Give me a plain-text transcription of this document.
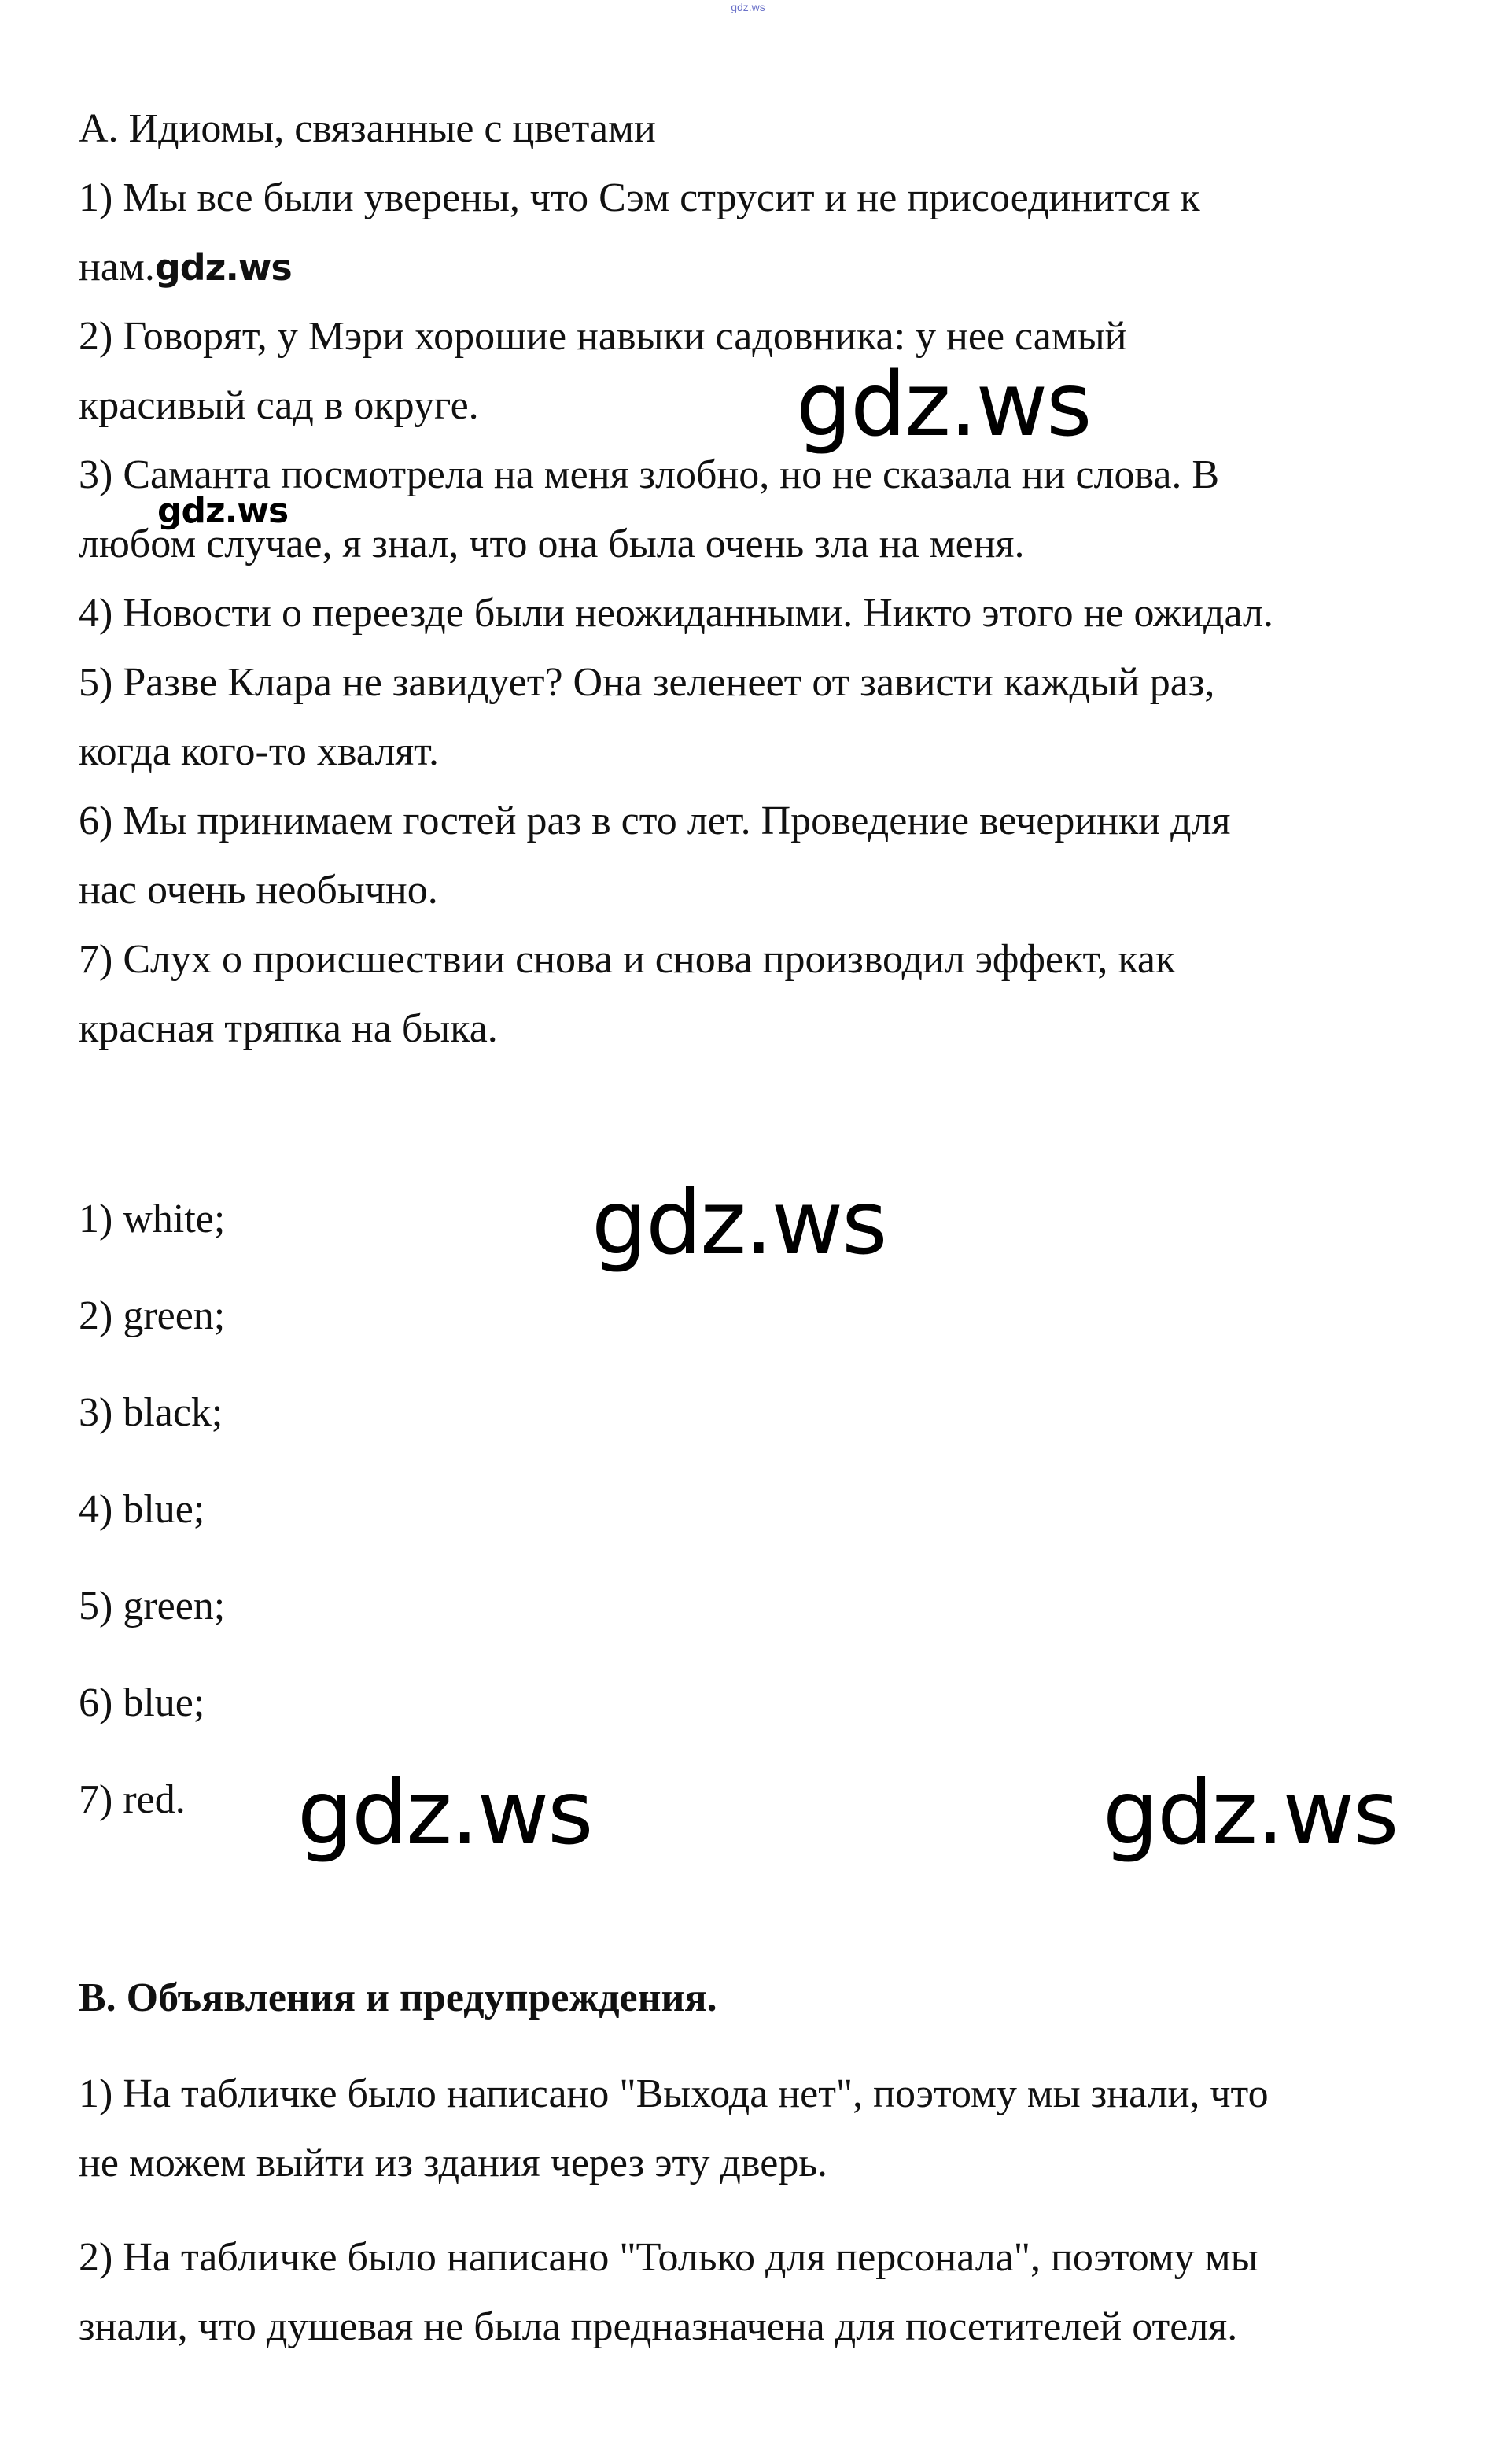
gdz.ws
А. Идиомы, связанные с цветами
1) Мы все были уверены, что Сэм струсит и не присоединится к
нам.gdz.ws
2) Говорят, у Мэри хорошие навыки садовника: у нее самый
красивый сад в округе.
3) Саманта посмотрела на меня злобно, но не сказала ни слова. В
любом случае, я знал, что она была очень зла на меня.
4) Новости о переезде были неожиданными. Никто этого не ожидал.
5) Разве Клара не завидует? Она зеленеет от зависти каждый раз,
когда кого-то хвалят.
6) Мы принимаем гостей раз в сто лет. Проведение вечеринки для
нас очень необычно.
7) Слух о происшествии снова и снова производил эффект, как
красная тряпка на быка.
1) white;
2) green;
3) black;
4) blue;
5) green;
6) blue;
7) red.
B. Объявления и предупреждения.
1) На табличке было написано "Выхода нет", поэтому мы знали, что
не можем выйти из здания через эту дверь.
2) На табличке было написано "Только для персонала", поэтому мы
знали, что душевая не была предназначена для посетителей отеля.
gdz.ws
gdz.ws
gdz.ws
gdz.ws	gdz.ws
